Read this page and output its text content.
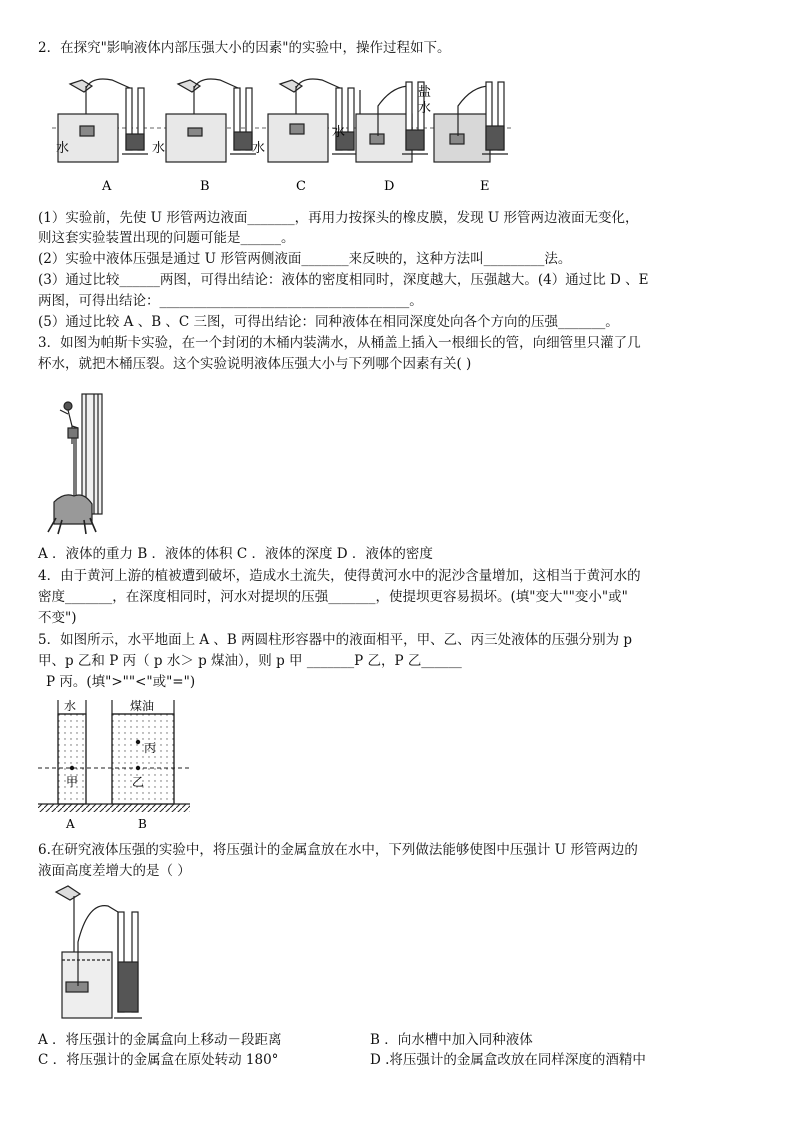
2．在探究"影响液体内部压强大小的因素"的实验中，操作过程如下。
水	水	水
水
盐
水
A	B	C	D	E
(1）实验前，先使 U 形管两边液面_______，再用力按探头的橡皮膜，发现 U 形管两边液面无变化，
则这套实验装置出现的问题可能是______。
(2）实验中液体压强是通过 U 形管两侧液面_______来反映的，这种方法叫_________法。
(3）通过比较______两图，可得出结论：液体的密度相同时，深度越大，压强越大。(4）通过比 D 、E
两图，可得出结论：_____________________________________。
(5）通过比较 A 、B 、C 三图，可得出结论：同种液体在相同深度处向各个方向的压强_______。
3．如图为帕斯卡实验，在一个封闭的木桶内装满水，从桶盖上插入一根细长的管，向细管里只灌了几
杯水，就把木桶压裂。这个实验说明液体压强大小与下列哪个因素有关( )
A ．液体的重力 B ．液体的体积 C ．液体的深度 D ．液体的密度
4．由于黄河上游的植被遭到破坏，造成水土流失，使得黄河水中的泥沙含量增加，这相当于黄河水的
密度_______，在深度相同时，河水对提坝的压强_______，使提坝更容易损坏。(填"变大""变小"或"
不变")
5．如图所示，水平地面上 A 、B 两圆柱形容器中的液面相平，甲、乙、丙三处液体的压强分别为 p
甲、p 乙和 P 丙（ p 水＞ p 煤油），则 p 甲 _______P 乙，P 乙______
P 丙。(填">""<"或"=")
水	煤油
甲
丙
乙
A	B
6.在研究液体压强的实验中，将压强计的金属盒放在水中，下列做法能够使图中压强计 U 形管两边的
液面高度差增大的是（ ）
A ．将压强计的金属盒向上移动－段距离	B ．向水槽中加入同种液体
C ．将压强计的金属盒在原处转动 180°	D .将压强计的金属盒改放在同样深度的酒精中
